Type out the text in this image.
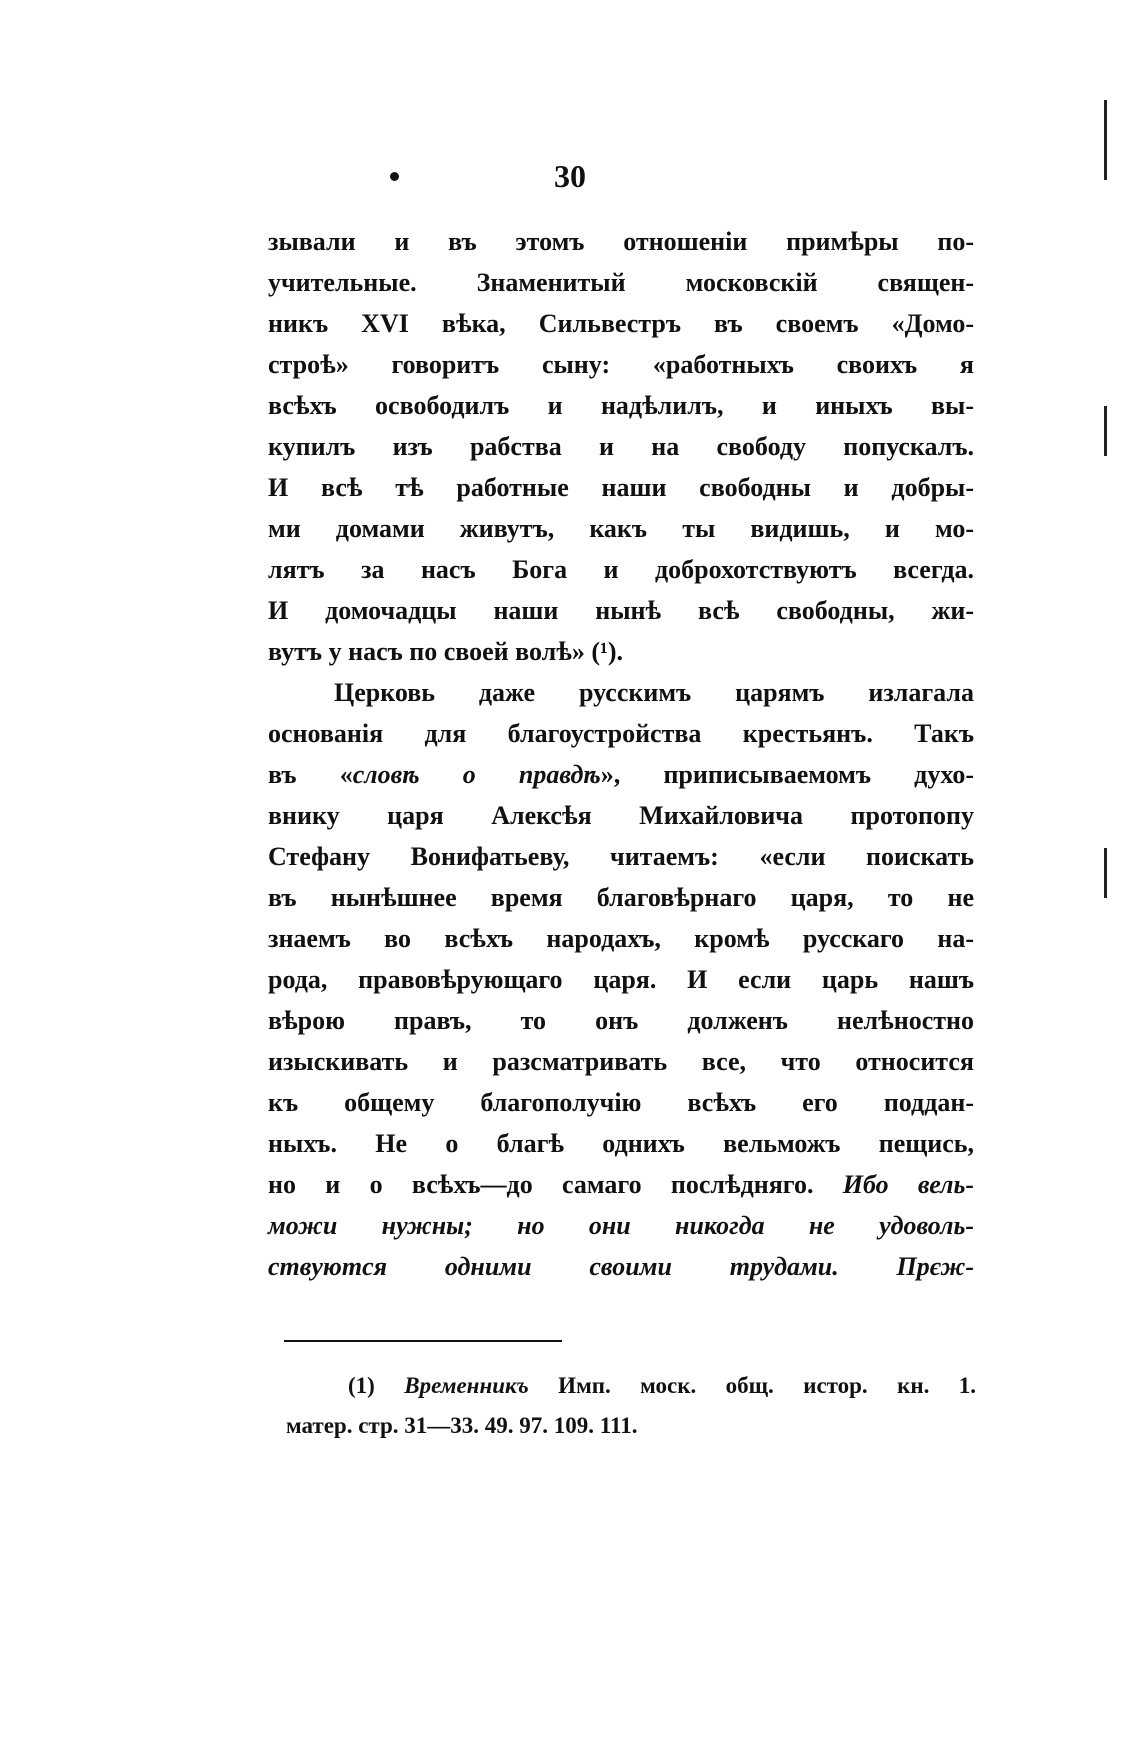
30
зывали и въ этомъ отношенiи примѣры по-
учительные. Знаменитый московскiй священ-
никъ XVI вѣка, Сильвестръ въ своемъ «Домо-
строѣ» говоритъ сыну: «работныхъ своихъ я
всѣхъ освободилъ и надѣлилъ, и иныхъ вы-
купилъ изъ рабства и на свободу попускалъ.
И всѣ тѣ работные наши свободны и добры-
ми домами живутъ, какъ ты видишь, и мо-
лятъ за насъ Бога и доброхотствуютъ всегда.
И домочадцы наши нынѣ всѣ свободны, жи-
вутъ у насъ по своей волѣ» (¹).
Церковь даже русскимъ царямъ излагала
основанiя для благоустройства крестьянъ. Такъ
въ «словѣ о правдѣ», приписываемомъ духо-
внику царя Алексѣя Михайловича протопопу
Стефану Вонифатьеву, читаемъ: «если поискать
въ нынѣшнее время благовѣрнаго царя, то не
знаемъ во всѣхъ народахъ, кромѣ русскаго на-
рода, правовѣрующаго царя. И если царь нашъ
вѣрою правъ, то онъ долженъ нелѣностно
изыскивать и разсматривать все, что относится
къ общему благополучiю всѣхъ его поддан-
ныхъ. Не о благѣ однихъ вельможъ пещись,
но и о всѣхъ—до самаго послѣдняго. Ибо вель-
можи нужны; но они никогда не удоволь-
ствуются одними своими трудами. Прєж-
(1) Временникъ Имп. моск. общ. истор. кн. 1.
матер. стр. 31—33. 49. 97. 109. 111.
